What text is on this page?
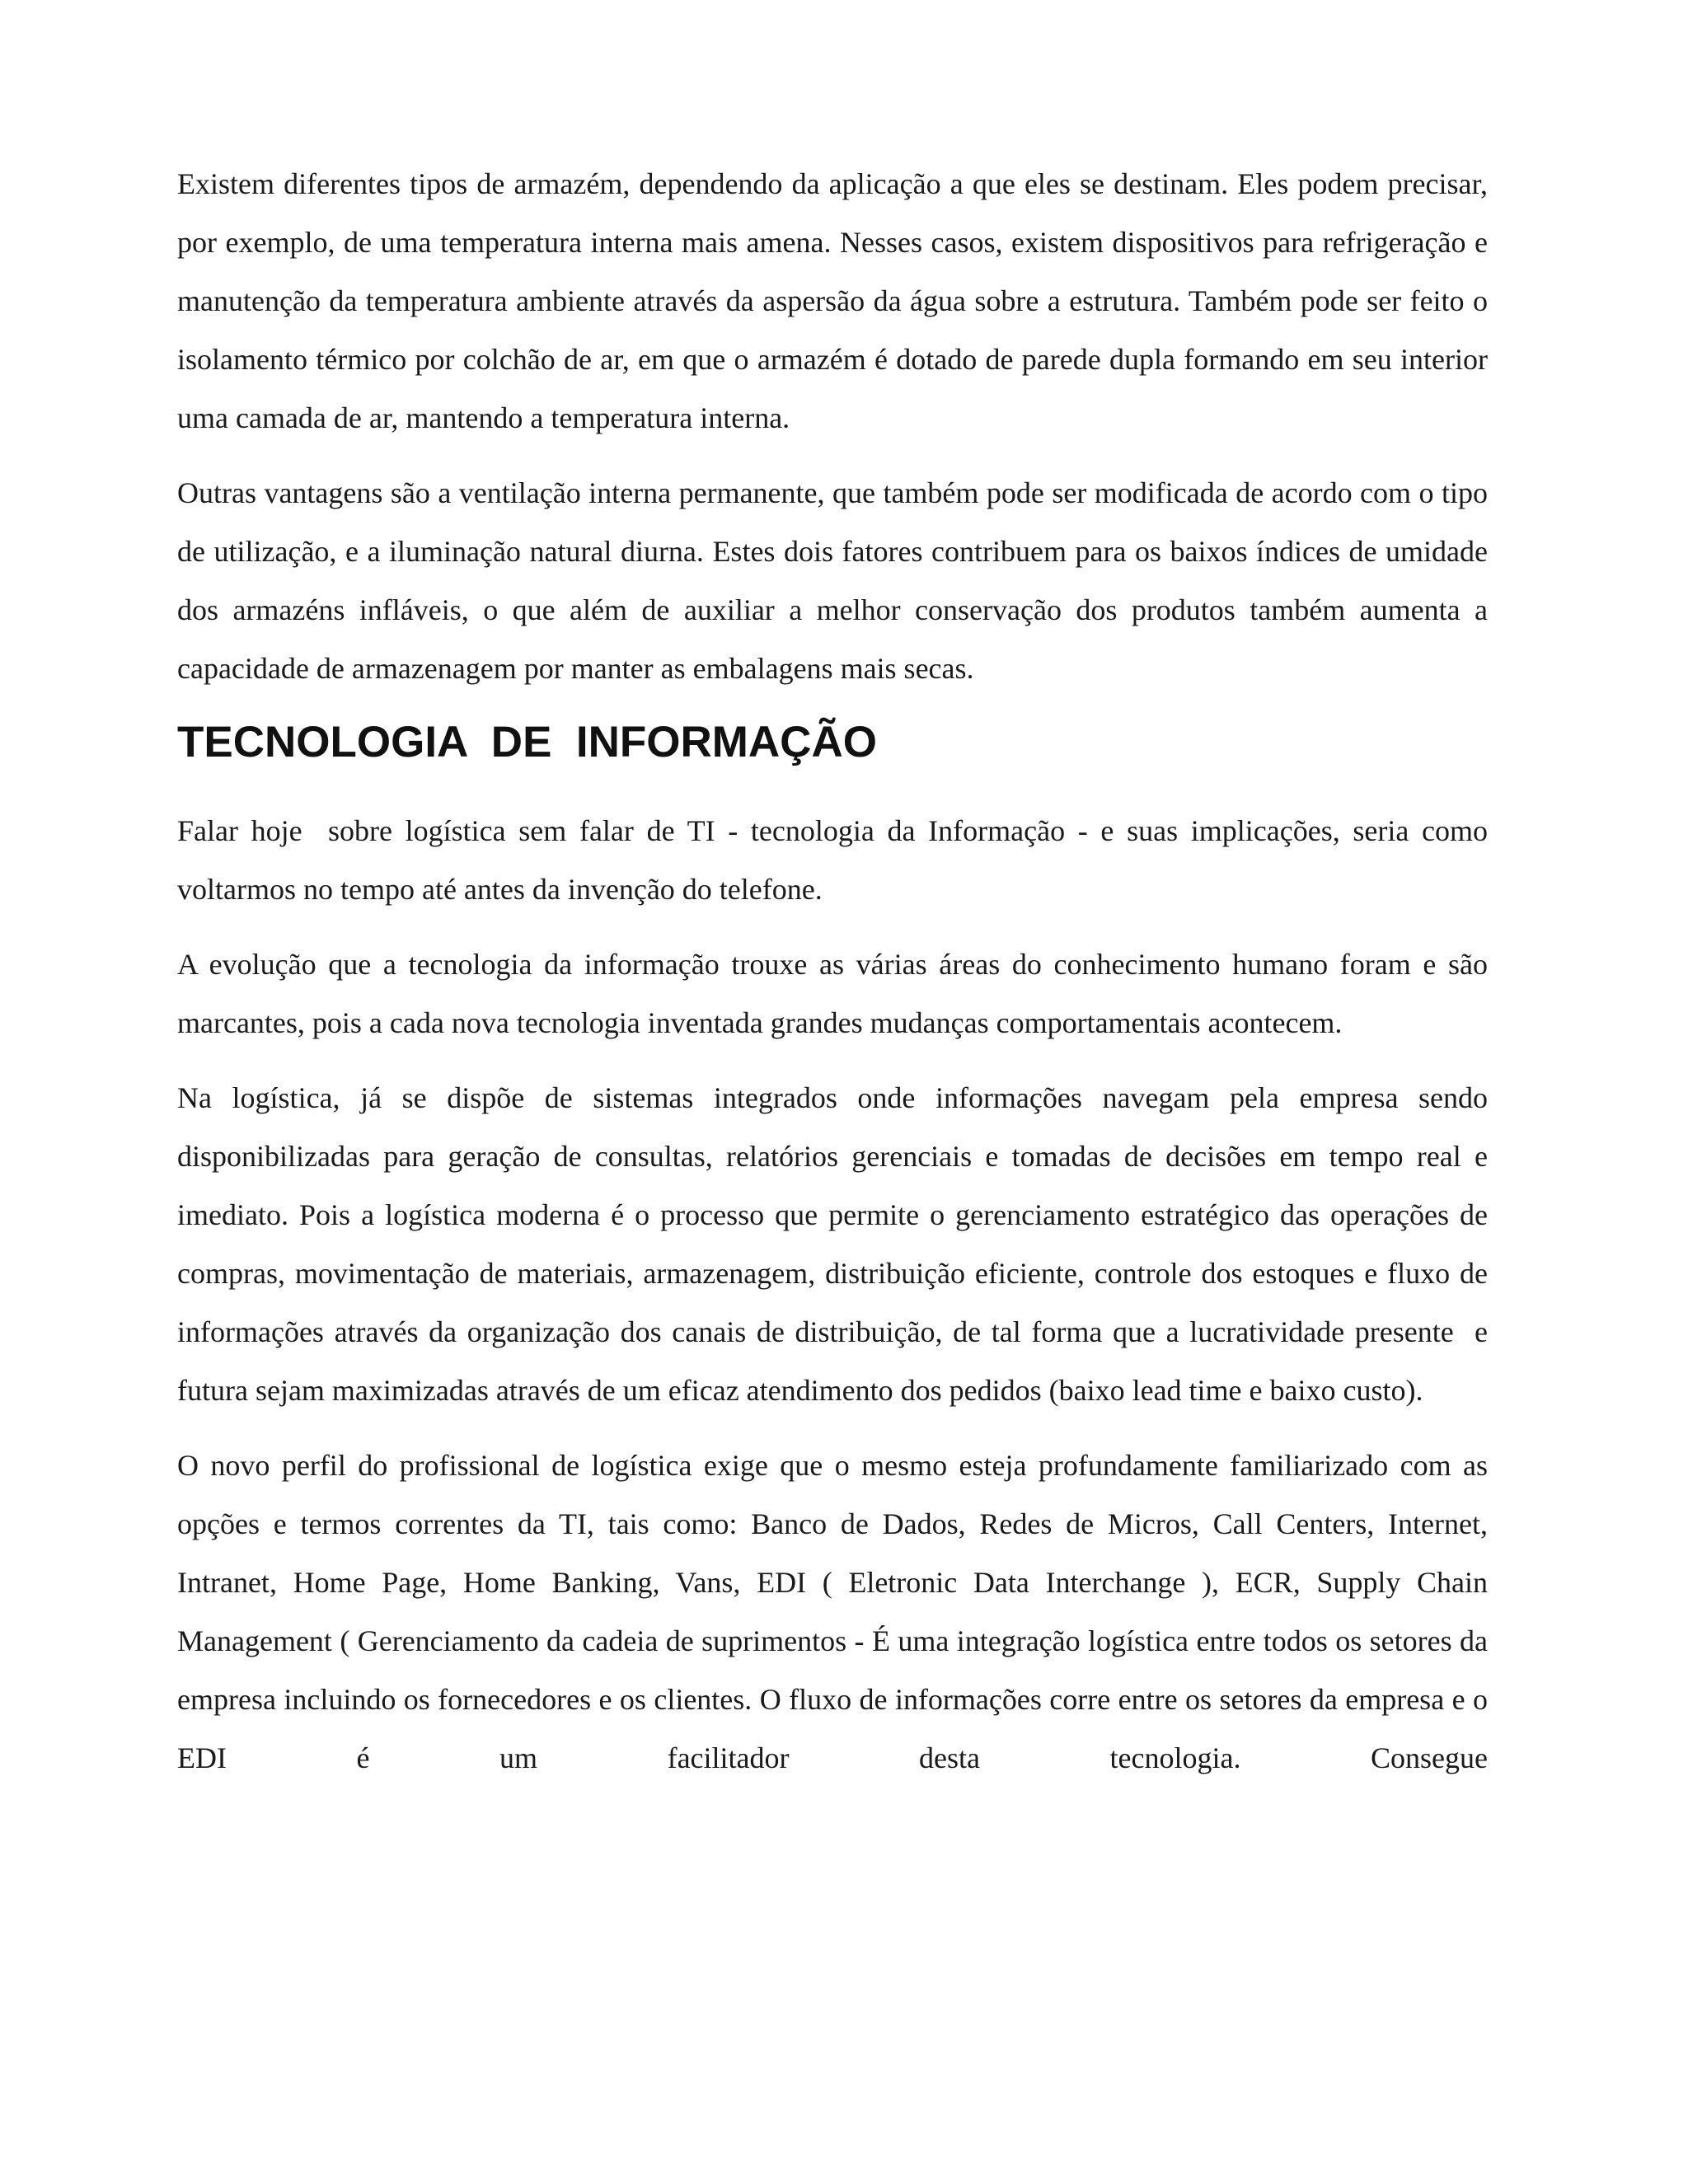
Existem diferentes tipos de armazém, dependendo da aplicação a que eles se destinam. Eles podem precisar, por exemplo, de uma temperatura interna mais amena. Nesses casos, existem dispositivos para refrigeração e manutenção da temperatura ambiente através da aspersão da água sobre a estrutura. Também pode ser feito o isolamento térmico por colchão de ar, em que o armazém é dotado de parede dupla formando em seu interior uma camada de ar, mantendo a temperatura interna.

Outras vantagens são a ventilação interna permanente, que também pode ser modificada de acordo com o tipo de utilização, e a iluminação natural diurna. Estes dois fatores contribuem para os baixos índices de umidade dos armazéns infláveis, o que além de auxiliar a melhor conservação dos produtos também aumenta a capacidade de armazenagem por manter as embalagens mais secas.

TECNOLOGIA  DE  INFORMAÇÃO

Falar hoje  sobre logística sem falar de TI - tecnologia da Informação - e suas implicações, seria como voltarmos no tempo até antes da invenção do telefone.

A evolução que a tecnologia da informação trouxe as várias áreas do conhecimento humano foram e são marcantes, pois a cada nova tecnologia inventada grandes mudanças comportamentais acontecem.

Na logística, já se dispõe de sistemas integrados onde informações navegam pela empresa sendo disponibilizadas para geração de consultas, relatórios gerenciais e tomadas de decisões em tempo real e imediato. Pois a logística moderna é o processo que permite o gerenciamento estratégico das operações de compras, movimentação de materiais, armazenagem, distribuição eficiente, controle dos estoques e fluxo de informações através da organização dos canais de distribuição, de tal forma que a lucratividade presente  e futura sejam maximizadas através de um eficaz atendimento dos pedidos (baixo lead time e baixo custo).

O novo perfil do profissional de logística exige que o mesmo esteja profundamente familiarizado com as opções e termos correntes da TI, tais como: Banco de Dados, Redes de Micros, Call Centers, Internet, Intranet, Home Page, Home Banking, Vans, EDI ( Eletronic Data Interchange ), ECR, Supply Chain Management ( Gerenciamento da cadeia de suprimentos - É uma integração logística entre todos os setores da empresa incluindo os fornecedores e os clientes. O fluxo de informações corre entre os setores da empresa e o EDI é um facilitador desta tecnologia. Consegue
